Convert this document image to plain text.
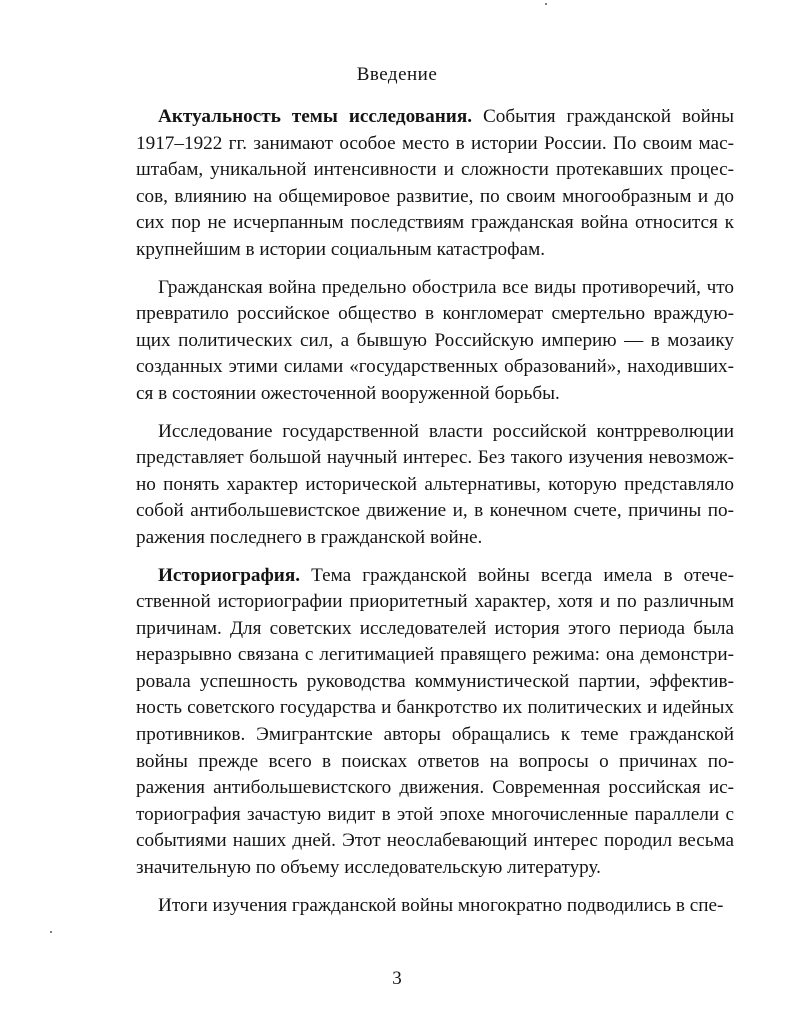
Введение

Актуальность темы исследования. События гражданской войны 1917–1922 гг. занимают особое место в истории России. По своим масштабам, уникальной интенсивности и сложности протекавших процессов, влиянию на общемировое развитие, по своим многообразным и до сих пор не исчерпанным последствиям гражданская война относится к крупнейшим в истории социальным катастрофам.

Гражданская война предельно обострила все виды противоречий, что превратило российское общество в конгломерат смертельно враждующих политических сил, а бывшую Российскую империю — в мозаику созданных этими силами «государственных образований», находившихся в состоянии ожесточенной вооруженной борьбы.

Исследование государственной власти российской контрреволюции представляет большой научный интерес. Без такого изучения невозможно понять характер исторической альтернативы, которую представляло собой антибольшевистское движение и, в конечном счете, причины поражения последнего в гражданской войне.

Историография. Тема гражданской войны всегда имела в отечественной историографии приоритетный характер, хотя и по различным причинам. Для советских исследователей история этого периода была неразрывно связана с легитимацией правящего режима: она демонстрировала успешность руководства коммунистической партии, эффективность советского государства и банкротство их политических и идейных противников. Эмигрантские авторы обращались к теме гражданской войны прежде всего в поисках ответов на вопросы о причинах поражения антибольшевистского движения. Современная российская историография зачастую видит в этой эпохе многочисленные параллели с событиями наших дней. Этот неослабевающий интерес породил весьма значительную по объему исследовательскую литературу.

Итоги изучения гражданской войны многократно подводились в спе-

3
